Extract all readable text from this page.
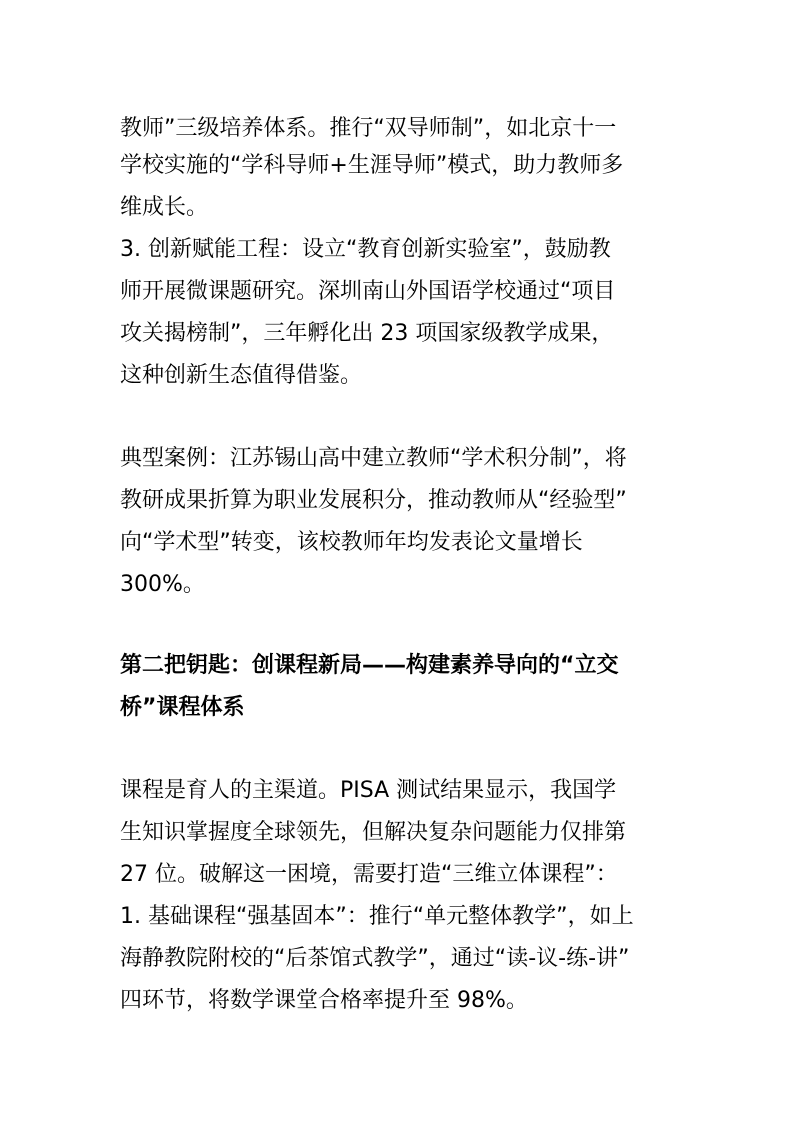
教师”三级培养体系。推行“双导师制”，如北京十一
学校实施的“学科导师+生涯导师”模式，助力教师多
维成长。
3. 创新赋能工程：设立“教育创新实验室”，鼓励教
师开展微课题研究。深圳南山外国语学校通过“项目
攻关揭榜制”，三年孵化出 23 项国家级教学成果，
这种创新生态值得借鉴。
典型案例：江苏锡山高中建立教师“学术积分制”，将
教研成果折算为职业发展积分，推动教师从“经验型”
向“学术型”转变，该校教师年均发表论文量增长
300%。
第二把钥匙：创课程新局——构建素养导向的“立交
桥”课程体系
课程是育人的主渠道。PISA 测试结果显示，我国学
生知识掌握度全球领先，但解决复杂问题能力仅排第
27 位。破解这一困境，需要打造“三维立体课程”：
1. 基础课程“强基固本”：推行“单元整体教学”，如上
海静教院附校的“后茶馆式教学”，通过“读-议-练-讲”
四环节，将数学课堂合格率提升至 98%。
